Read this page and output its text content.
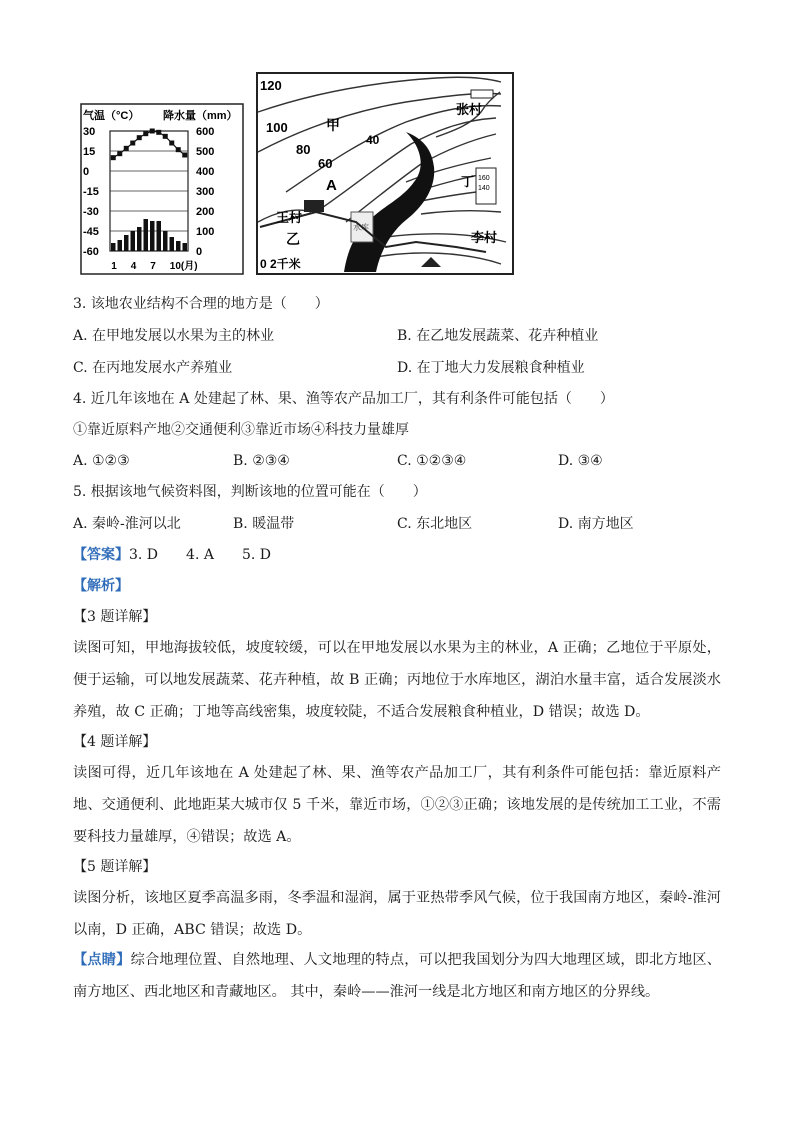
气温（°C） 降水量（mm）
30
15
0
-15
-30
-45
-60
600
500
400
300
200
100
0
1 4 7 10(月)
水库
120
100
80
60
40
160
140
甲
A
丙
丁
张村
王村
乙	李村
0 2千米
3. 该地农业结构不合理的地方是（　　）
A. 在甲地发展以水果为主的林业	B. 在乙地发展蔬菜、花卉种植业
C. 在丙地发展水产养殖业	D. 在丁地大力发展粮食种植业
4. 近几年该地在 A 处建起了林、果、渔等农产品加工厂，其有利条件可能包括（　　）
①靠近原料产地②交通便利③靠近市场④科技力量雄厚
A. ①②③	B. ②③④	C. ①②③④	D. ③④
5. 根据该地气候资料图，判断该地的位置可能在（　　）
A. 秦岭-淮河以北	B. 暖温带	C. 东北地区	D. 南方地区
【答案】3. D　　4. A　　5. D
【解析】
【3 题详解】
读图可知，甲地海拔较低，坡度较缓，可以在甲地发展以水果为主的林业，A 正确；乙地位于平原处，便于运输，可以地发展蔬菜、花卉种植，故 B 正确；丙地位于水库地区，湖泊水量丰富，适合发展淡水养殖，故 C 正确；丁地等高线密集，坡度较陡，不适合发展粮食种植业，D 错误；故选 D。
【4 题详解】
读图可得，近几年该地在 A 处建起了林、果、渔等农产品加工厂，其有利条件可能包括：靠近原料产地、交通便利、此地距某大城市仅 5 千米，靠近市场，①②③正确；该地发展的是传统加工工业，不需要科技力量雄厚，④错误；故选 A。
【5 题详解】
读图分析，该地区夏季高温多雨，冬季温和湿润，属于亚热带季风气候，位于我国南方地区，秦岭-淮河以南，D 正确，ABC 错误；故选 D。
【点睛】综合地理位置、自然地理、人文地理的特点，可以把我国划分为四大地理区域，即北方地区、南方地区、西北地区和青藏地区。 其中，秦岭——淮河一线是北方地区和南方地区的分界线。
